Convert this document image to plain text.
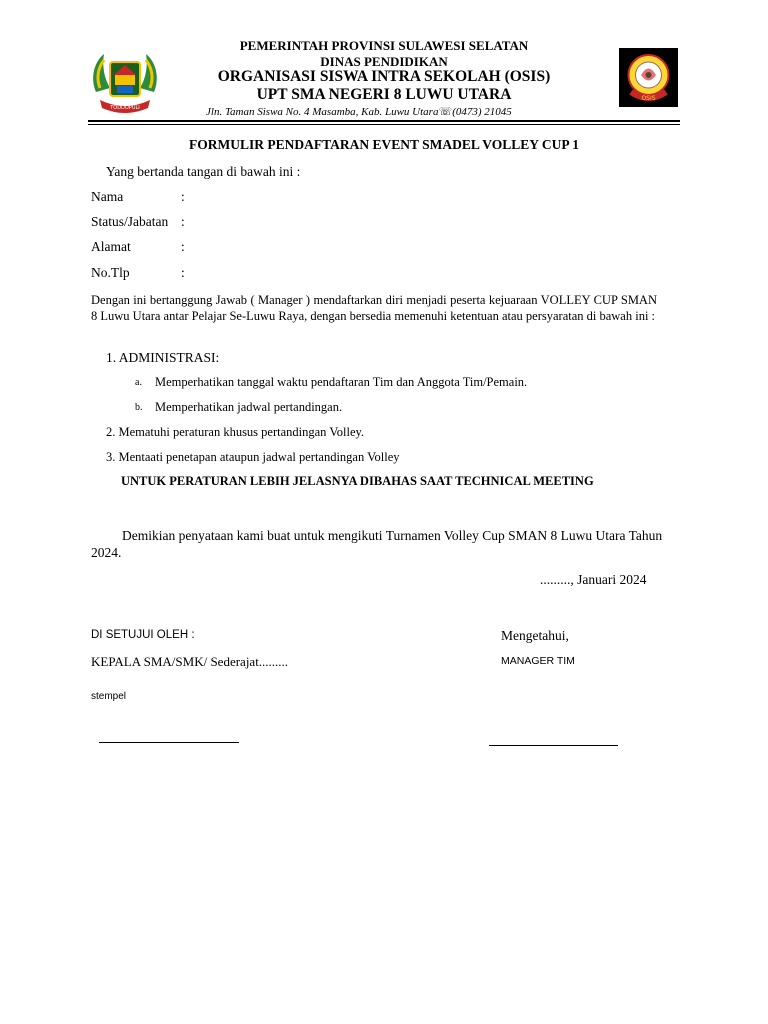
TODDOPULI
PEMERINTAH PROVINSI SULAWESI SELATAN
DINAS PENDIDIKAN
ORGANISASI SISWA INTRA SEKOLAH (OSIS)
UPT SMA NEGERI 8 LUWU UTARA
Jln. Taman Siswa No. 4 Masamba, Kab. Luwu Utara☏(0473) 21045
OSIS
FORMULIR PENDAFTARAN EVENT SMADEL VOLLEY CUP 1
Yang bertanda tangan di bawah ini :
Nama	:
Status/Jabatan :
Alamat	:
No.Tlp	:
Dengan ini bertanggung Jawab ( Manager ) mendaftarkan diri menjadi peserta kejuaraan VOLLEY CUP SMAN 8 Luwu Utara antar Pelajar Se-Luwu Raya, dengan bersedia memenuhi ketentuan atau persyaratan di bawah ini :
1. ADMINISTRASI:
a. Memperhatikan tanggal waktu pendaftaran Tim dan Anggota Tim/Pemain.
b. Memperhatikan jadwal pertandingan.
2. Mematuhi peraturan khusus pertandingan Volley.
3. Mentaati penetapan ataupun jadwal pertandingan Volley
UNTUK PERATURAN LEBIH JELASNYA DIBAHAS SAAT TECHNICAL MEETING
Demikian penyataan kami buat untuk mengikuti Turnamen Volley Cup SMAN 8 Luwu Utara Tahun 2024.
........., Januari 2024
DI SETUJUI OLEH :
KEPALA SMA/SMK/ Sederajat.........
stempel
Mengetahui,
MANAGER TIM
